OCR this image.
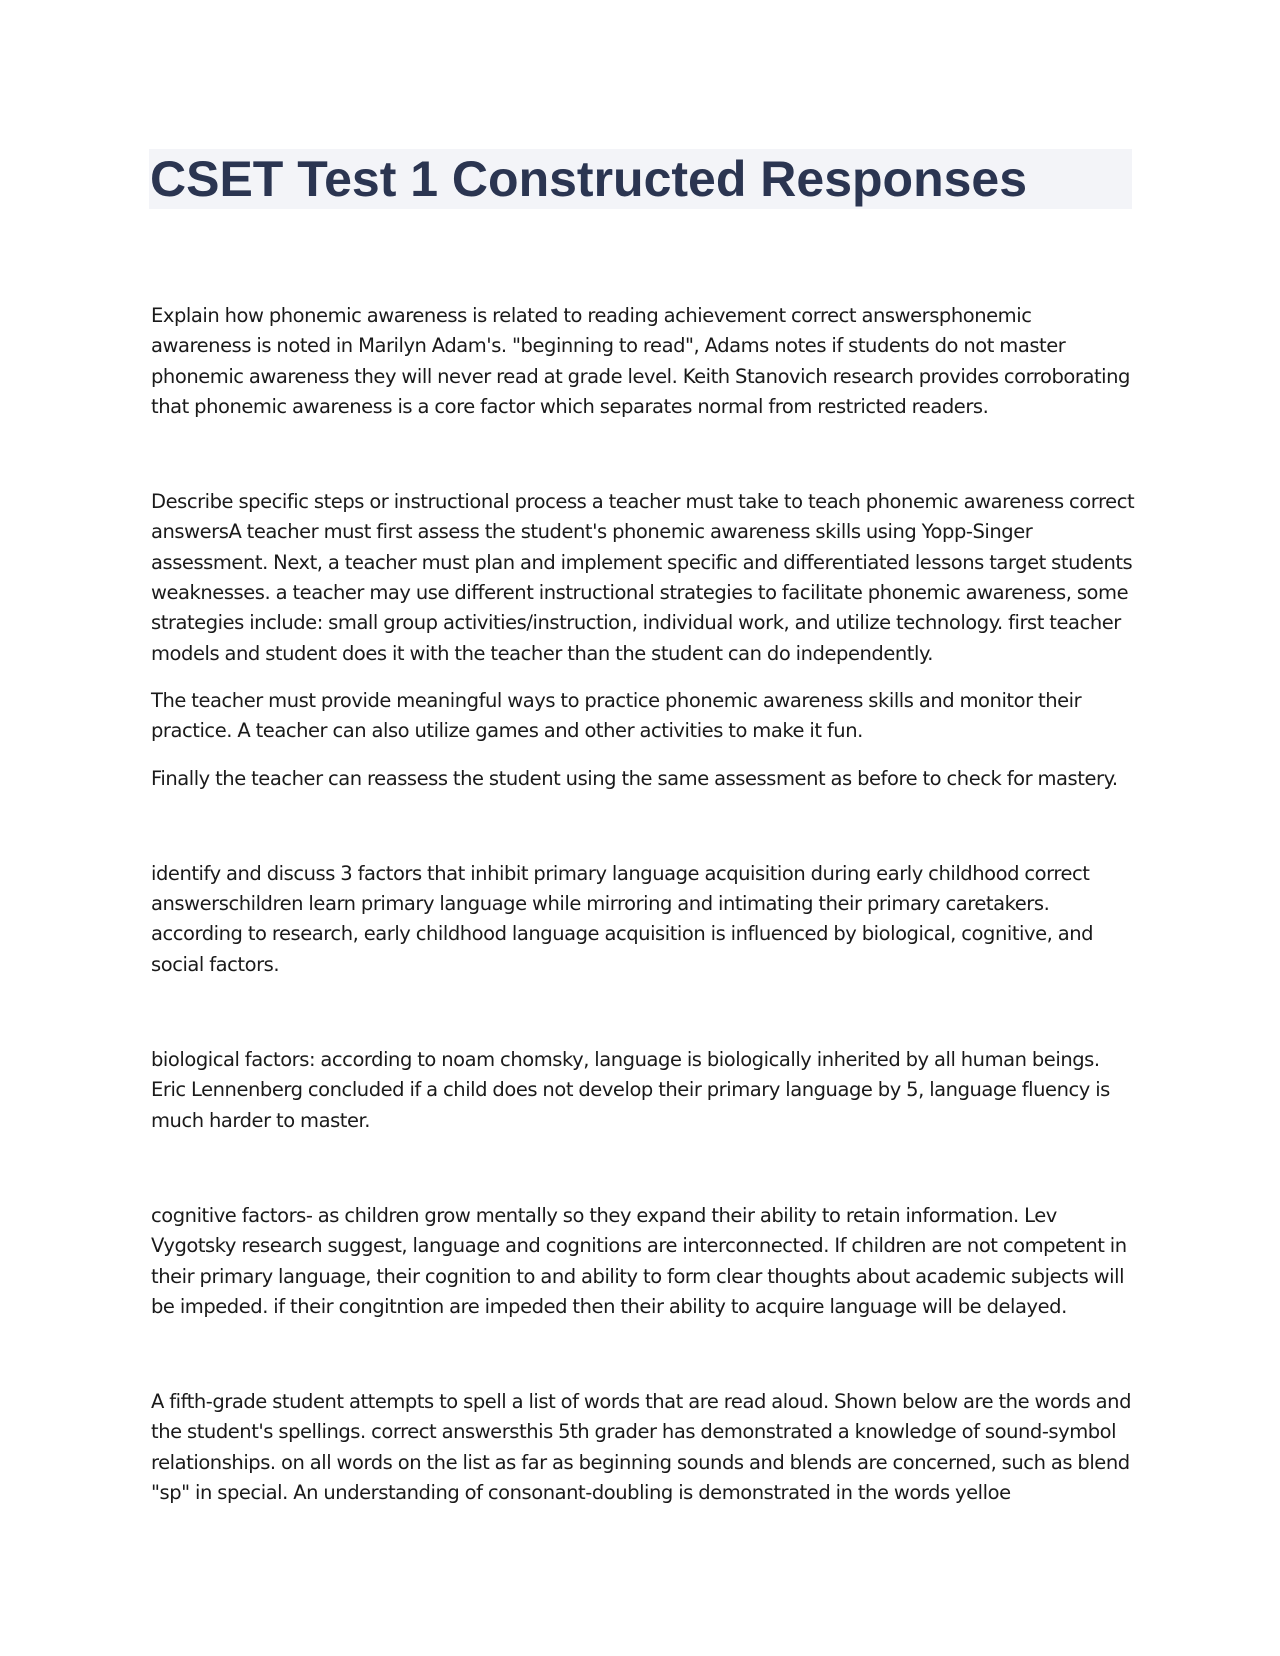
CSET Test 1 Constructed Responses

Explain how phonemic awareness is related to reading achievement correct answersphonemic awareness is noted in Marilyn Adam's. "beginning to read", Adams notes if students do not master phonemic awareness they will never read at grade level. Keith Stanovich research provides corroborating that phonemic awareness is a core factor which separates normal from restricted readers.

Describe specific steps or instructional process a teacher must take to teach phonemic awareness correct answersA teacher must first assess the student's phonemic awareness skills using Yopp-Singer assessment. Next, a teacher must plan and implement specific and differentiated lessons target students weaknesses. a teacher may use different instructional strategies to facilitate phonemic awareness, some strategies include: small group activities/instruction, individual work, and utilize technology. first teacher models and student does it with the teacher than the student can do independently.

The teacher must provide meaningful ways to practice phonemic awareness skills and monitor their practice. A teacher can also utilize games and other activities to make it fun.

Finally the teacher can reassess the student using the same assessment as before to check for mastery.

identify and discuss 3 factors that inhibit primary language acquisition during early childhood correct answerschildren learn primary language while mirroring and intimating their primary caretakers. according to research, early childhood language acquisition is influenced by biological, cognitive, and social factors.

biological factors: according to noam chomsky, language is biologically inherited by all human beings. Eric Lennenberg concluded if a child does not develop their primary language by 5, language fluency is much harder to master.

cognitive factors- as children grow mentally so they expand their ability to retain information. Lev Vygotsky research suggest, language and cognitions are interconnected. If children are not competent in their primary language, their cognition to and ability to form clear thoughts about academic subjects will be impeded. if their congitntion are impeded then their ability to acquire language will be delayed.

A fifth-grade student attempts to spell a list of words that are read aloud. Shown below are the words and the student's spellings. correct answersthis 5th grader has demonstrated a knowledge of sound-symbol relationships. on all words on the list as far as beginning sounds and blends are concerned, such as blend "sp" in special. An understanding of consonant-doubling is demonstrated in the words yelloe
